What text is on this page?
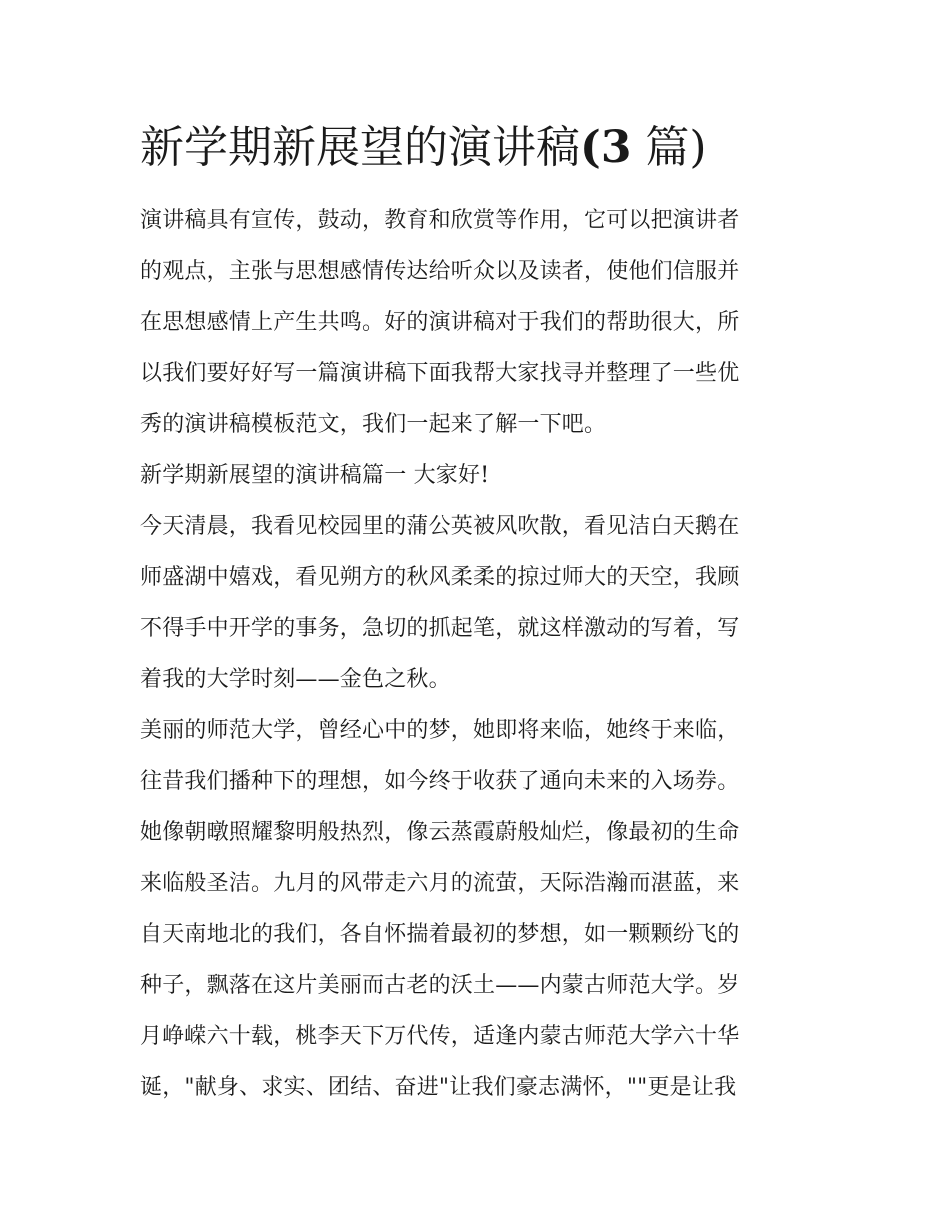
新学期新展望的演讲稿(3 篇)
演讲稿具有宣传，鼓动，教育和欣赏等作用，它可以把演讲者
的观点，主张与思想感情传达给听众以及读者，使他们信服并
在思想感情上产生共鸣。好的演讲稿对于我们的帮助很大，所
以我们要好好写一篇演讲稿下面我帮大家找寻并整理了一些优
秀的演讲稿模板范文，我们一起来了解一下吧。
新学期新展望的演讲稿篇一 大家好!
今天清晨，我看见校园里的蒲公英被风吹散，看见洁白天鹅在
师盛湖中嬉戏，看见朔方的秋风柔柔的掠过师大的天空，我顾
不得手中开学的事务，急切的抓起笔，就这样激动的写着，写
着我的大学时刻——金色之秋。
美丽的师范大学，曾经心中的梦，她即将来临，她终于来临，
往昔我们播种下的理想，如今终于收获了通向未来的入场券。
她像朝暾照耀黎明般热烈，像云蒸霞蔚般灿烂，像最初的生命
来临般圣洁。九月的风带走六月的流萤，天际浩瀚而湛蓝，来
自天南地北的我们，各自怀揣着最初的梦想，如一颗颗纷飞的
种子，飘落在这片美丽而古老的沃土——内蒙古师范大学。岁
月峥嵘六十载，桃李天下万代传，适逢内蒙古师范大学六十华
诞，"献身、求实、团结、奋进"让我们豪志满怀，""更是让我
